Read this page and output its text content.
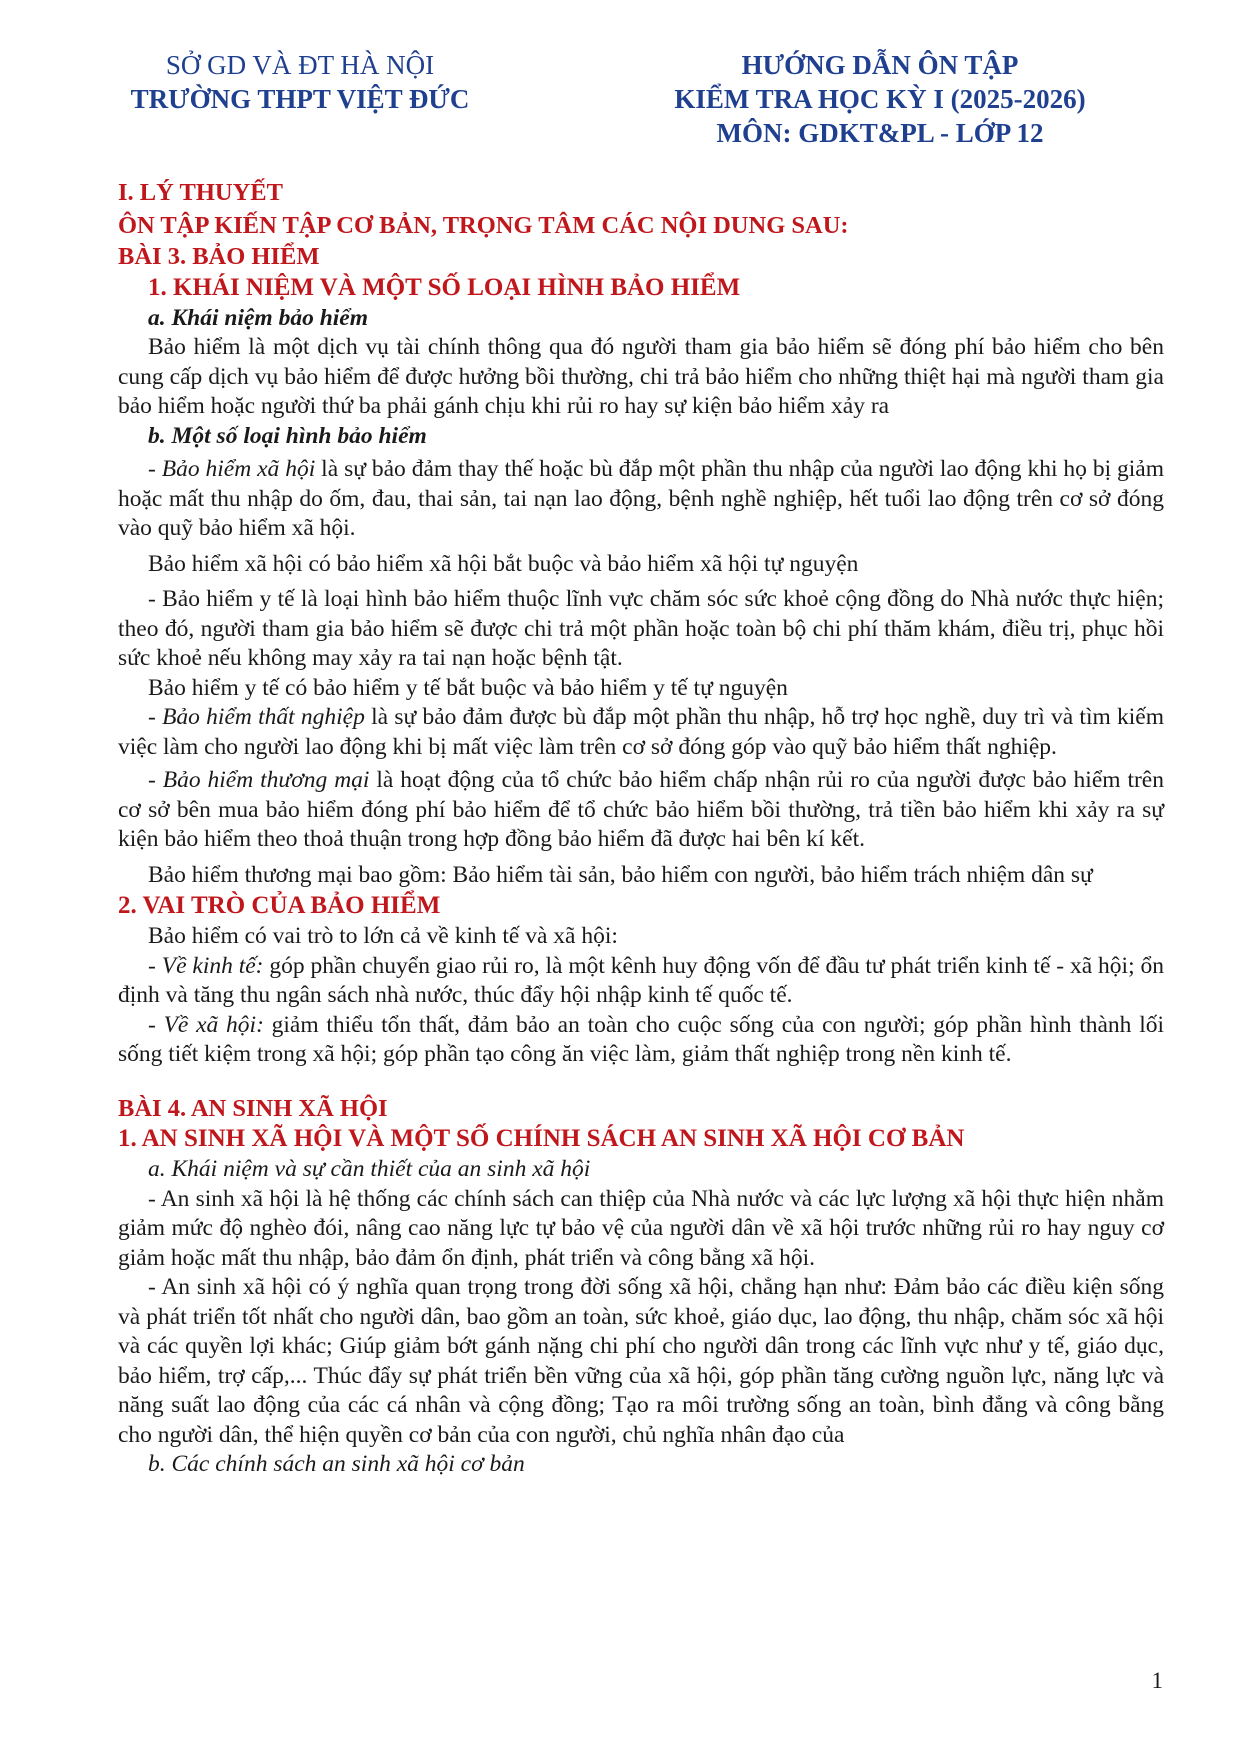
SỞ GD VÀ ĐT HÀ NỘI
TRƯỜNG THPT VIỆT ĐỨC
HƯỚNG DẪN ÔN TẬP
KIỂM TRA HỌC KỲ I (2025-2026)
MÔN: GDKT&PL - LỚP 12

I. LÝ THUYẾT

ÔN TẬP KIẾN TẬP CƠ BẢN, TRỌNG TÂM CÁC NỘI DUNG SAU:

BÀI 3. BẢO HIỂM

1. KHÁI NIỆM VÀ MỘT SỐ LOẠI HÌNH BẢO HIỂM

a. Khái niệm bảo hiểm

Bảo hiểm là một dịch vụ tài chính thông qua đó người tham gia bảo hiểm sẽ đóng phí bảo hiểm cho bên cung cấp dịch vụ bảo hiểm để được hưởng bồi thường, chi trả bảo hiểm cho những thiệt hại mà người tham gia bảo hiểm hoặc người thứ ba phải gánh chịu khi rủi ro hay sự kiện bảo hiểm xảy ra

b. Một số loại hình bảo hiểm

- Bảo hiểm xã hội là sự bảo đảm thay thế hoặc bù đắp một phần thu nhập của người lao động khi họ bị giảm hoặc mất thu nhập do ốm, đau, thai sản, tai nạn lao động, bệnh nghề nghiệp, hết tuổi lao động trên cơ sở đóng vào quỹ bảo hiểm xã hội.

Bảo hiểm xã hội có bảo hiểm xã hội bắt buộc và bảo hiểm xã hội tự nguyện

- Bảo hiểm y tế là loại hình bảo hiểm thuộc lĩnh vực chăm sóc sức khoẻ cộng đồng do Nhà nước thực hiện; theo đó, người tham gia bảo hiểm sẽ được chi trả một phần hoặc toàn bộ chi phí thăm khám, điều trị, phục hồi sức khoẻ nếu không may xảy ra tai nạn hoặc bệnh tật.

Bảo hiểm y tế có bảo hiểm y tế bắt buộc và bảo hiểm y tế tự nguyện

- Bảo hiểm thất nghiệp là sự bảo đảm được bù đắp một phần thu nhập, hỗ trợ học nghề, duy trì và tìm kiếm việc làm cho người lao động khi bị mất việc làm trên cơ sở đóng góp vào quỹ bảo hiểm thất nghiệp.

- Bảo hiểm thương mại là hoạt động của tổ chức bảo hiểm chấp nhận rủi ro của người được bảo hiểm trên cơ sở bên mua bảo hiểm đóng phí bảo hiểm để tổ chức bảo hiểm bồi thường, trả tiền bảo hiểm khi xảy ra sự kiện bảo hiểm theo thoả thuận trong hợp đồng bảo hiểm đã được hai bên kí kết.

Bảo hiểm thương mại bao gồm: Bảo hiểm tài sản, bảo hiểm con người, bảo hiểm trách nhiệm dân sự

2. VAI TRÒ CỦA BẢO HIỂM

Bảo hiểm có vai trò to lớn cả về kinh tế và xã hội:

- Về kinh tế: góp phần chuyển giao rủi ro, là một kênh huy động vốn để đầu tư phát triển kinh tế - xã hội; ổn định và tăng thu ngân sách nhà nước, thúc đẩy hội nhập kinh tế quốc tế.

- Về xã hội: giảm thiểu tổn thất, đảm bảo an toàn cho cuộc sống của con người; góp phần hình thành lối sống tiết kiệm trong xã hội; góp phần tạo công ăn việc làm, giảm thất nghiệp trong nền kinh tế.

BÀI 4. AN SINH XÃ HỘI

1. AN SINH XÃ HỘI VÀ MỘT SỐ CHÍNH SÁCH AN SINH XÃ HỘI CƠ BẢN

a. Khái niệm và sự cần thiết của an sinh xã hội

- An sinh xã hội là hệ thống các chính sách can thiệp của Nhà nước và các lực lượng xã hội thực hiện nhằm giảm mức độ nghèo đói, nâng cao năng lực tự bảo vệ của người dân về xã hội trước những rủi ro hay nguy cơ giảm hoặc mất thu nhập, bảo đảm ổn định, phát triển và công bằng xã hội.

- An sinh xã hội có ý nghĩa quan trọng trong đời sống xã hội, chẳng hạn như: Đảm bảo các điều kiện sống và phát triển tốt nhất cho người dân, bao gồm an toàn, sức khoẻ, giáo dục, lao động, thu nhập, chăm sóc xã hội và các quyền lợi khác; Giúp giảm bớt gánh nặng chi phí cho người dân trong các lĩnh vực như y tế, giáo dục, bảo hiểm, trợ cấp,... Thúc đẩy sự phát triển bền vững của xã hội, góp phần tăng cường nguồn lực, năng lực và năng suất lao động của các cá nhân và cộng đồng; Tạo ra môi trường sống an toàn, bình đẳng và công bằng cho người dân, thể hiện quyền cơ bản của con người, chủ nghĩa nhân đạo của

b. Các chính sách an sinh xã hội cơ bản

1
